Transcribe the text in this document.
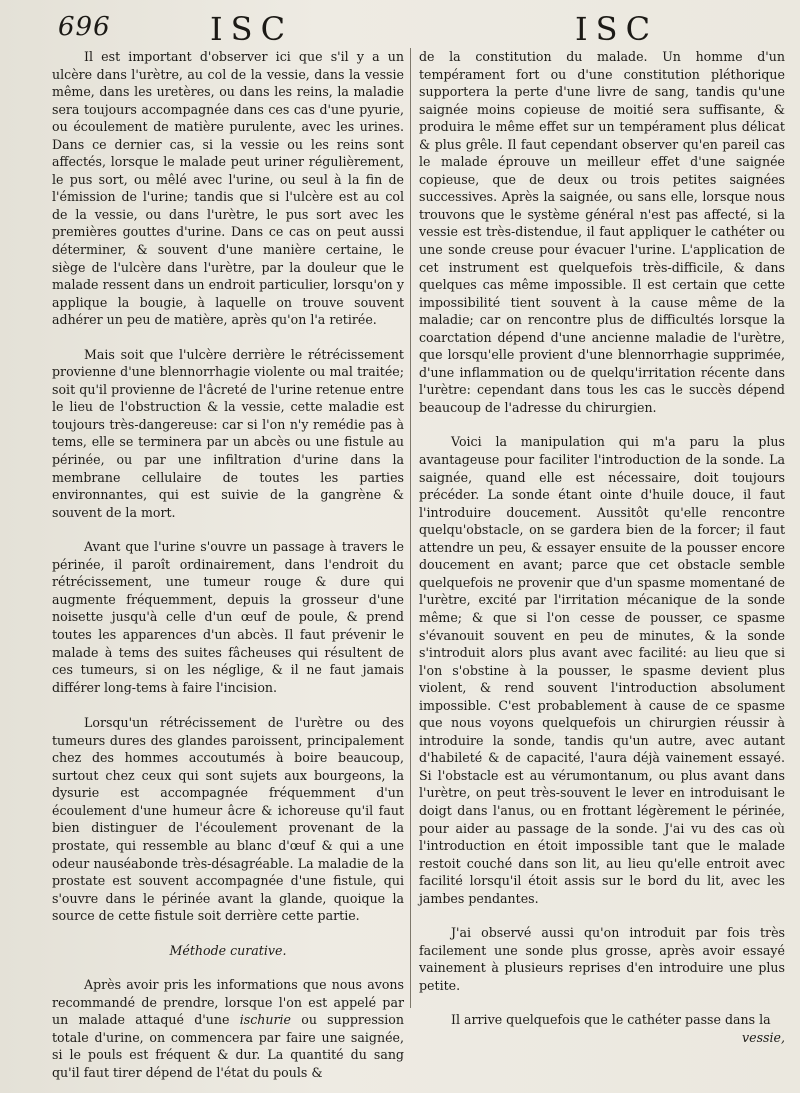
696	ISC	ISC

Il est important d'observer ici que s'il y a un ulcère dans l'urètre, au col de la vessie, dans la vessie même, dans les uretères, ou dans les reins, la maladie sera toujours accompagnée dans ces cas d'une pyurie, ou écoulement de matière purulente, avec les urines. Dans ce dernier cas, si la vessie ou les reins sont affectés, lorsque le malade peut uriner régulièrement, le pus sort, ou mêlé avec l'urine, ou seul à la fin de l'émission de l'urine; tandis que si l'ulcère est au col de la vessie, ou dans l'urètre, le pus sort avec les premières gouttes d'urine. Dans ce cas on peut aussi déterminer, & souvent d'une manière certaine, le siège de l'ulcère dans l'urètre, par la douleur que le malade ressent dans un endroit particulier, lorsqu'on y applique la bougie, à laquelle on trouve souvent adhérer un peu de matière, après qu'on l'a retirée.

Mais soit que l'ulcère derrière le rétrécissement provienne d'une blennorrhagie violente ou mal traitée; soit qu'il provienne de l'âcreté de l'urine retenue entre le lieu de l'obstruction & la vessie, cette maladie est toujours très-dangereuse: car si l'on n'y remédie pas à tems, elle se terminera par un abcès ou une fistule au périnée, ou par une infiltration d'urine dans la membrane cellulaire de toutes les parties environnantes, qui est suivie de la gangrène & souvent de la mort.

Avant que l'urine s'ouvre un passage à travers le périnée, il paroît ordinairement, dans l'endroit du rétrécissement, une tumeur rouge & dure qui augmente fréquemment, depuis la grosseur d'une noisette jusqu'à celle d'un œuf de poule, & prend toutes les apparences d'un abcès. Il faut prévenir le malade à tems des suites fâcheuses qui résultent de ces tumeurs, si on les néglige, & il ne faut jamais différer long-tems à faire l'incision.

Lorsqu'un rétrécissement de l'urètre ou des tumeurs dures des glandes paroissent, principalement chez des hommes accoutumés à boire beaucoup, surtout chez ceux qui sont sujets aux bourgeons, la dysurie est accompagnée fréquemment d'un écoulement d'une humeur âcre & ichoreuse qu'il faut bien distinguer de l'écoulement provenant de la prostate, qui ressemble au blanc d'œuf & qui a une odeur nauséabonde très-désagréable. La maladie de la prostate est souvent accompagnée d'une fistule, qui s'ouvre dans le périnée avant la glande, quoique la source de cette fistule soit derrière cette partie.

Méthode curative.

Après avoir pris les informations que nous avons recommandé de prendre, lorsque l'on est appelé par un malade attaqué d'une ischurie ou suppression totale d'urine, on commencera par faire une saignée, si le pouls est fréquent & dur. La quantité du sang qu'il faut tirer dépend de l'état du pouls &

de la constitution du malade. Un homme d'un tempérament fort ou d'une constitution pléthorique supportera la perte d'une livre de sang, tandis qu'une saignée moins copieuse de moitié sera suffisante, & produira le même effet sur un tempérament plus délicat & plus grêle. Il faut cependant observer qu'en pareil cas le malade éprouve un meilleur effet d'une saignée copieuse, que de deux ou trois petites saignées successives. Après la saignée, ou sans elle, lorsque nous trouvons que le système général n'est pas affecté, si la vessie est très-distendue, il faut appliquer le cathéter ou une sonde creuse pour évacuer l'urine. L'application de cet instrument est quelquefois très-difficile, & dans quelques cas même impossible. Il est certain que cette impossibilité tient souvent à la cause même de la maladie; car on rencontre plus de difficultés lorsque la coarctation dépend d'une ancienne maladie de l'urètre, que lorsqu'elle provient d'une blennorrhagie supprimée, d'une inflammation ou de quelqu'irritation récente dans l'urètre: cependant dans tous les cas le succès dépend beaucoup de l'adresse du chirurgien.

Voici la manipulation qui m'a paru la plus avantageuse pour faciliter l'introduction de la sonde. La saignée, quand elle est nécessaire, doit toujours précéder. La sonde étant ointe d'huile douce, il faut l'introduire doucement. Aussitôt qu'elle rencontre quelqu'obstacle, on se gardera bien de la forcer; il faut attendre un peu, & essayer ensuite de la pousser encore doucement en avant; parce que cet obstacle semble quelquefois ne provenir que d'un spasme momentané de l'urètre, excité par l'irritation mécanique de la sonde même; & que si l'on cesse de pousser, ce spasme s'évanouit souvent en peu de minutes, & la sonde s'introduit alors plus avant avec facilité: au lieu que si l'on s'obstine à la pousser, le spasme devient plus violent, & rend souvent l'introduction absolument impossible. C'est probablement à cause de ce spasme que nous voyons quelquefois un chirurgien réussir à introduire la sonde, tandis qu'un autre, avec autant d'habileté & de capacité, l'aura déjà vainement essayé. Si l'obstacle est au vérumontanum, ou plus avant dans l'urètre, on peut très-souvent le lever en introduisant le doigt dans l'anus, ou en frottant légèrement le périnée, pour aider au passage de la sonde. J'ai vu des cas où l'introduction en étoit impossible tant que le malade restoit couché dans son lit, au lieu qu'elle entroit avec facilité lorsqu'il étoit assis sur le bord du lit, avec les jambes pendantes.

J'ai observé aussi qu'on introduit par fois très facilement une sonde plus grosse, après avoir essayé vainement à plusieurs reprises d'en introduire une plus petite.

Il arrive quelquefois que le cathéter passe dans la

vessie,
